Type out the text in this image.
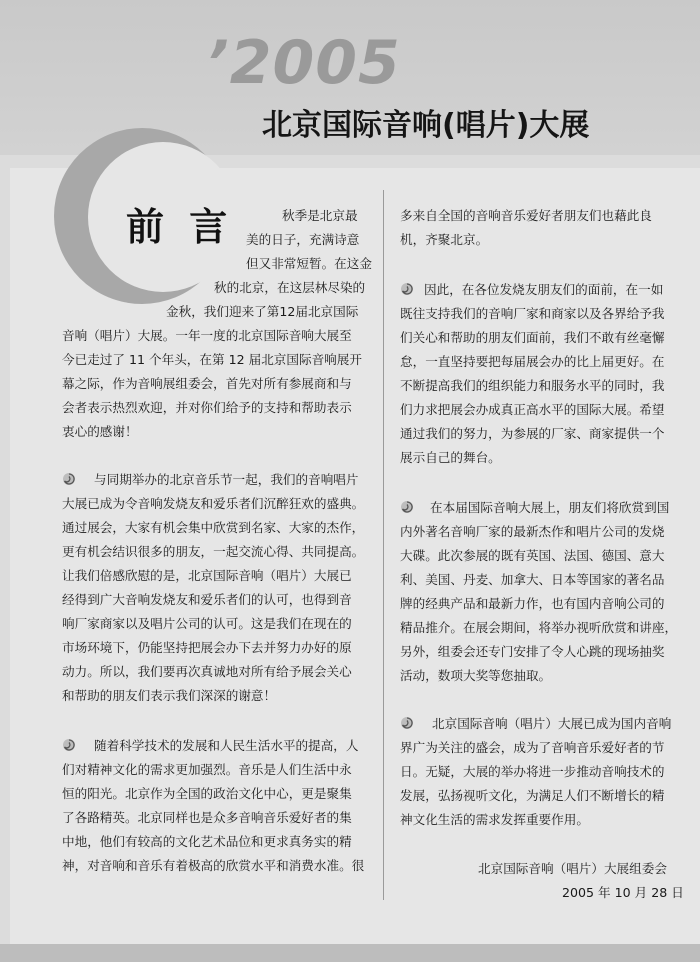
’2005
北京国际音响(唱片)大展
前 言	秋季是北京最
美的日子，充满诗意
但又非常短暂。在这金
秋的北京，在这层林尽染的
金秋，我们迎来了第12届北京国际
音响（唱片）大展。一年一度的北京国际音响大展至
今已走过了 11 个年头，在第 12 届北京国际音响展开
幕之际，作为音响展组委会，首先对所有参展商和与
会者表示热烈欢迎，并对你们给予的支持和帮助表示
衷心的感谢！
与同期举办的北京音乐节一起，我们的音响唱片
大展已成为令音响发烧友和爱乐者们沉醉狂欢的盛典。
通过展会，大家有机会集中欣赏到名家、大家的杰作，
更有机会结识很多的朋友，一起交流心得、共同提高。
让我们倍感欣慰的是，北京国际音响（唱片）大展已
经得到广大音响发烧友和爱乐者们的认可，也得到音
响厂家商家以及唱片公司的认可。这是我们在现在的
市场环境下，仍能坚持把展会办下去并努力办好的原
动力。所以，我们要再次真诚地对所有给予展会关心
和帮助的朋友们表示我们深深的谢意！
随着科学技术的发展和人民生活水平的提高，人
们对精神文化的需求更加强烈。音乐是人们生活中永
恒的阳光。北京作为全国的政治文化中心，更是聚集
了各路精英。北京同样也是众多音响音乐爱好者的集
中地，他们有较高的文化艺术品位和更求真务实的精
神，对音响和音乐有着极高的欣赏水平和消费水准。很
多来自全国的音响音乐爱好者朋友们也藉此良
机，齐聚北京。
因此，在各位发烧友朋友们的面前，在一如
既往支持我们的音响厂家和商家以及各界给予我
们关心和帮助的朋友们面前，我们不敢有丝毫懈
怠，一直坚持要把每届展会办的比上届更好。在
不断提高我们的组织能力和服务水平的同时，我
们力求把展会办成真正高水平的国际大展。希望
通过我们的努力，为参展的厂家、商家提供一个
展示自己的舞台。
在本届国际音响大展上，朋友们将欣赏到国
内外著名音响厂家的最新杰作和唱片公司的发烧
大碟。此次参展的既有英国、法国、德国、意大
利、美国、丹麦、加拿大、日本等国家的著名品
牌的经典产品和最新力作，也有国内音响公司的
精品推介。在展会期间，将举办视听欣赏和讲座，
另外，组委会还专门安排了令人心跳的现场抽奖
活动，数项大奖等您抽取。
北京国际音响（唱片）大展已成为国内音响
界广为关注的盛会，成为了音响音乐爱好者的节
日。无疑，大展的举办将进一步推动音响技术的
发展，弘扬视听文化，为满足人们不断增长的精
神文化生活的需求发挥重要作用。
北京国际音响（唱片）大展组委会
2005 年 10 月 28 日
